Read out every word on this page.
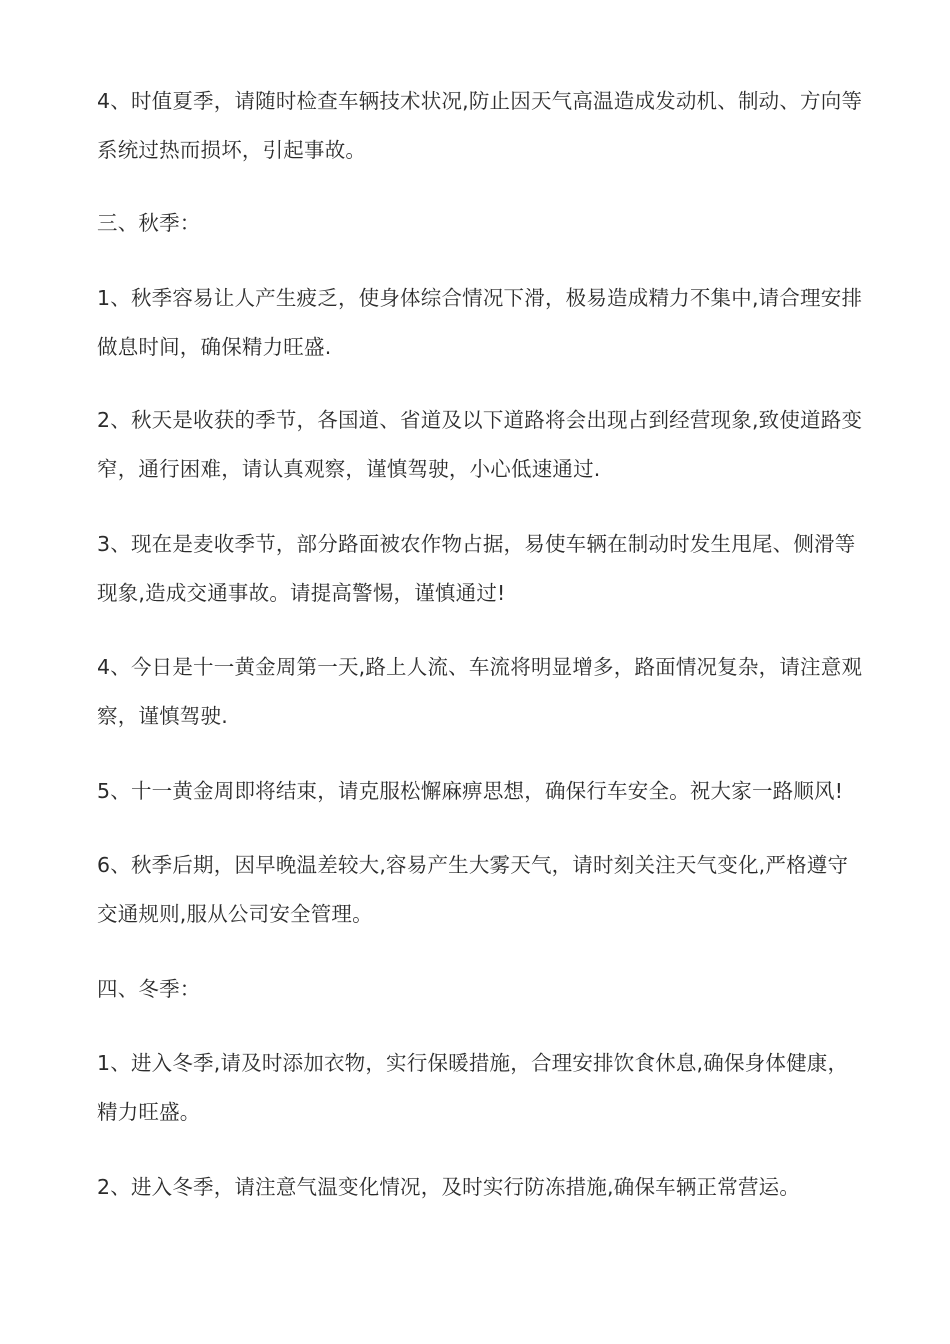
4、时值夏季，请随时检查车辆技术状况,防止因天气高温造成发动机、制动、方向等系统过热而损坏，引起事故。

三、秋季：

1、秋季容易让人产生疲乏，使身体综合情况下滑，极易造成精力不集中,请合理安排做息时间，确保精力旺盛.

2、秋天是收获的季节，各国道、省道及以下道路将会出现占到经营现象,致使道路变窄，通行困难，请认真观察，谨慎驾驶，小心低速通过.

3、现在是麦收季节，部分路面被农作物占据，易使车辆在制动时发生甩尾、侧滑等现象,造成交通事故。请提高警惕，谨慎通过!

4、今日是十一黄金周第一天,路上人流、车流将明显增多，路面情况复杂，请注意观察，谨慎驾驶.

5、十一黄金周即将结束，请克服松懈麻痹思想，确保行车安全。祝大家一路顺风!

6、秋季后期，因早晚温差较大,容易产生大雾天气，请时刻关注天气变化,严格遵守交通规则,服从公司安全管理。

四、冬季：

1、进入冬季,请及时添加衣物，实行保暖措施，合理安排饮食休息,确保身体健康，精力旺盛。

2、进入冬季，请注意气温变化情况，及时实行防冻措施,确保车辆正常营运。
